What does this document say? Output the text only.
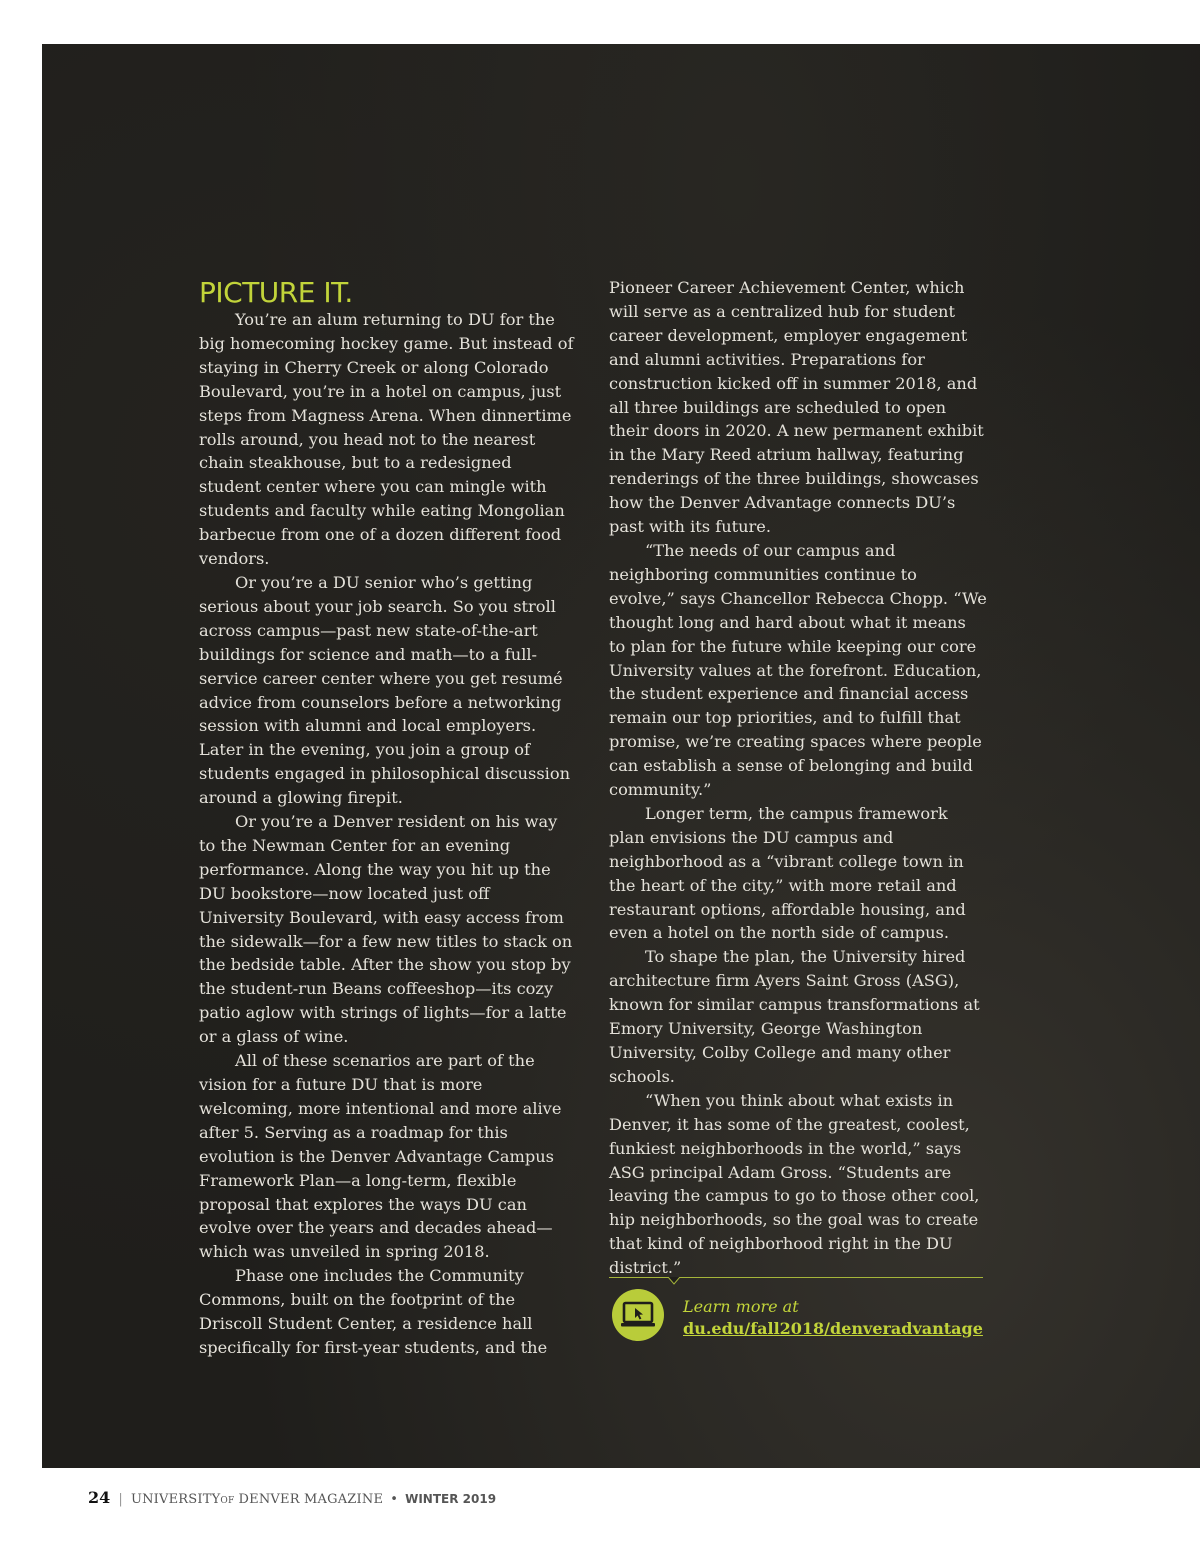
PICTURE IT.

You’re an alum returning to DU for the big homecoming hockey game. But instead of staying in Cherry Creek or along Colorado Boulevard, you’re in a hotel on campus, just steps from Magness Arena. When dinnertime rolls around, you head not to the nearest chain steakhouse, but to a redesigned student center where you can mingle with students and faculty while eating Mongolian barbecue from one of a dozen different food vendors.

Or you’re a DU senior who’s getting serious about your job search. So you stroll across campus—past new state-of-the-art buildings for science and math—to a full-service career center where you get resumé advice from counselors before a networking session with alumni and local employers. Later in the evening, you join a group of students engaged in philosophical discussion around a glowing firepit.

Or you’re a Denver resident on his way to the Newman Center for an evening performance. Along the way you hit up the DU bookstore—now located just off University Boulevard, with easy access from the sidewalk—for a few new titles to stack on the bedside table. After the show you stop by the student-run Beans coffeeshop—its cozy patio aglow with strings of lights—for a latte or a glass of wine.

All of these scenarios are part of the vision for a future DU that is more welcoming, more intentional and more alive after 5. Serving as a roadmap for this evolution is the Denver Advantage Campus Framework Plan—a long-term, flexible proposal that explores the ways DU can evolve over the years and decades ahead—which was unveiled in spring 2018.

Phase one includes the Community Commons, built on the footprint of the Driscoll Student Center, a residence hall specifically for first-year students, and the

Pioneer Career Achievement Center, which will serve as a centralized hub for student career development, employer engagement and alumni activities. Preparations for construction kicked off in summer 2018, and all three buildings are scheduled to open their doors in 2020. A new permanent exhibit in the Mary Reed atrium hallway, featuring renderings of the three buildings, showcases how the Denver Advantage connects DU’s past with its future.

“The needs of our campus and neighboring communities continue to evolve,” says Chancellor Rebecca Chopp. “We thought long and hard about what it means to plan for the future while keeping our core University values at the forefront. Education, the student experience and financial access remain our top priorities, and to fulfill that promise, we’re creating spaces where people can establish a sense of belonging and build community.”

Longer term, the campus framework plan envisions the DU campus and neighborhood as a “vibrant college town in the heart of the city,” with more retail and restaurant options, affordable housing, and even a hotel on the north side of campus.

To shape the plan, the University hired architecture firm Ayers Saint Gross (ASG), known for similar campus transformations at Emory University, George Washington University, Colby College and many other schools.

“When you think about what exists in Denver, it has some of the greatest, coolest, funkiest neighborhoods in the world,” says ASG principal Adam Gross. “Students are leaving the campus to go to those other cool, hip neighborhoods, so the goal was to create that kind of neighborhood right in the DU district.”

Learn more at
du.edu/fall2018/denveradvantage
24 | UNIVERSITYOF DENVER MAGAZINE • WINTER 2019
